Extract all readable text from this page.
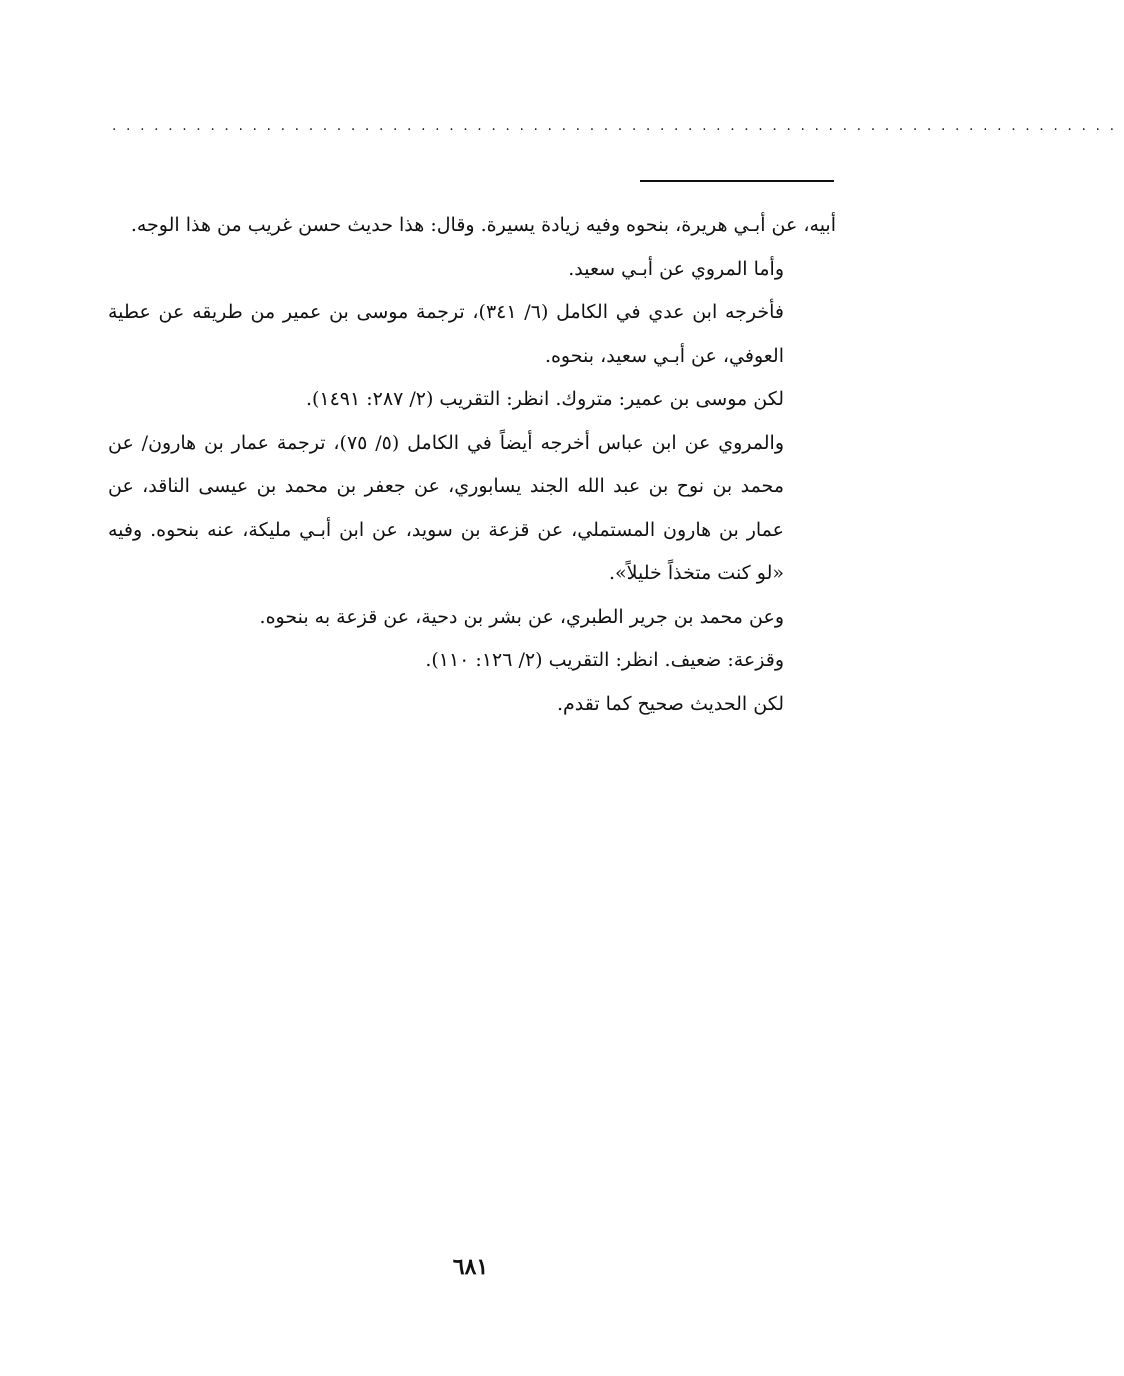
········································································

أبيه، عن أبـي هريرة، بنحوه وفيه زيادة يسيرة. وقال: هذا حديث حسن غريب من هذا الوجه.

وأما المروي عن أبـي سعيد.

فأخرجه ابن عدي في الكامل (٦/ ٣٤١)، ترجمة موسى بن عمير من طريقه عن عطية العوفي، عن أبـي سعيد، بنحوه.

لكن موسى بن عمير: متروك. انظر: التقريب (٢/ ٢٨٧: ١٤٩١).

والمروي عن ابن عباس أخرجه أيضاً في الكامل (٥/ ٧٥)، ترجمة عمار بن هارون/ عن محمد بن نوح بن عبد الله الجند يسابوري، عن جعفر بن محمد بن عيسى الناقد، عن عمار بن هارون المستملي، عن قزعة بن سويد، عن ابن أبـي مليكة، عنه بنحوه. وفيه «لو كنت متخذاً خليلاً».

وعن محمد بن جرير الطبري، عن بشر بن دحية، عن قزعة به بنحوه.

وقزعة: ضعيف. انظر: التقريب (٢/ ١٢٦: ١١٠).

لكن الحديث صحيح كما تقدم.

٦٨١
